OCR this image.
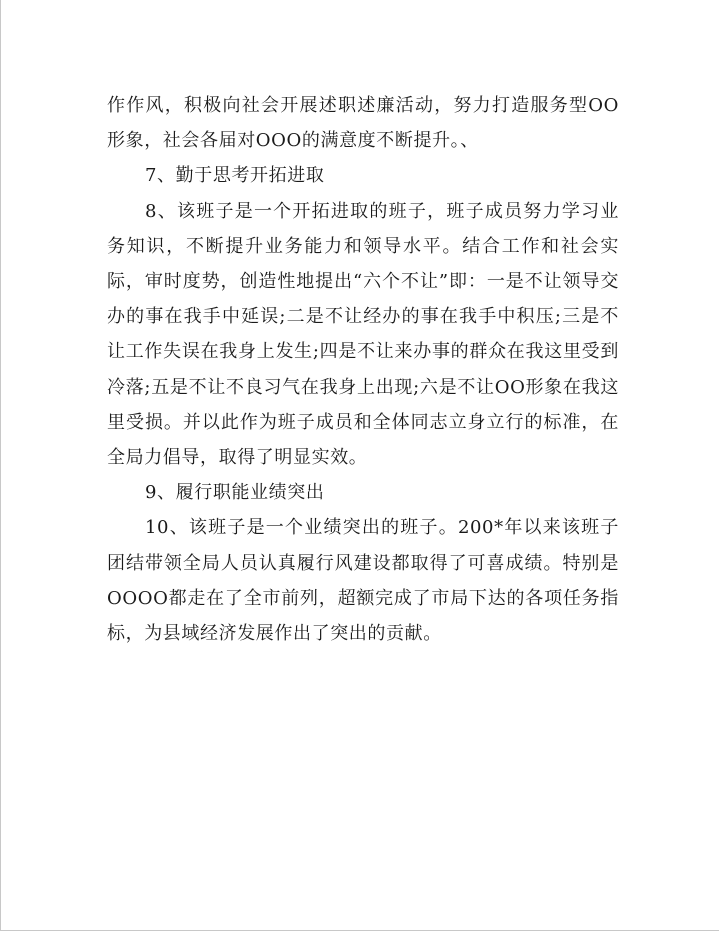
作作风，积极向社会开展述职述廉活动，努力打造服务型OO形象，社会各届对OOO的满意度不断提升。、

7、勤于思考开拓进取

8、该班子是一个开拓进取的班子，班子成员努力学习业务知识，不断提升业务能力和领导水平。结合工作和社会实际，审时度势，创造性地提出“六个不让”即：一是不让领导交办的事在我手中延误;二是不让经办的事在我手中积压;三是不让工作失误在我身上发生;四是不让来办事的群众在我这里受到冷落;五是不让不良习气在我身上出现;六是不让OO形象在我这里受损。并以此作为班子成员和全体同志立身立行的标准，在全局力倡导，取得了明显实效。

9、履行职能业绩突出

10、该班子是一个业绩突出的班子。200*年以来该班子团结带领全局人员认真履行风建设都取得了可喜成绩。特别是OOOO都走在了全市前列，超额完成了市局下达的各项任务指标，为县域经济发展作出了突出的贡献。
